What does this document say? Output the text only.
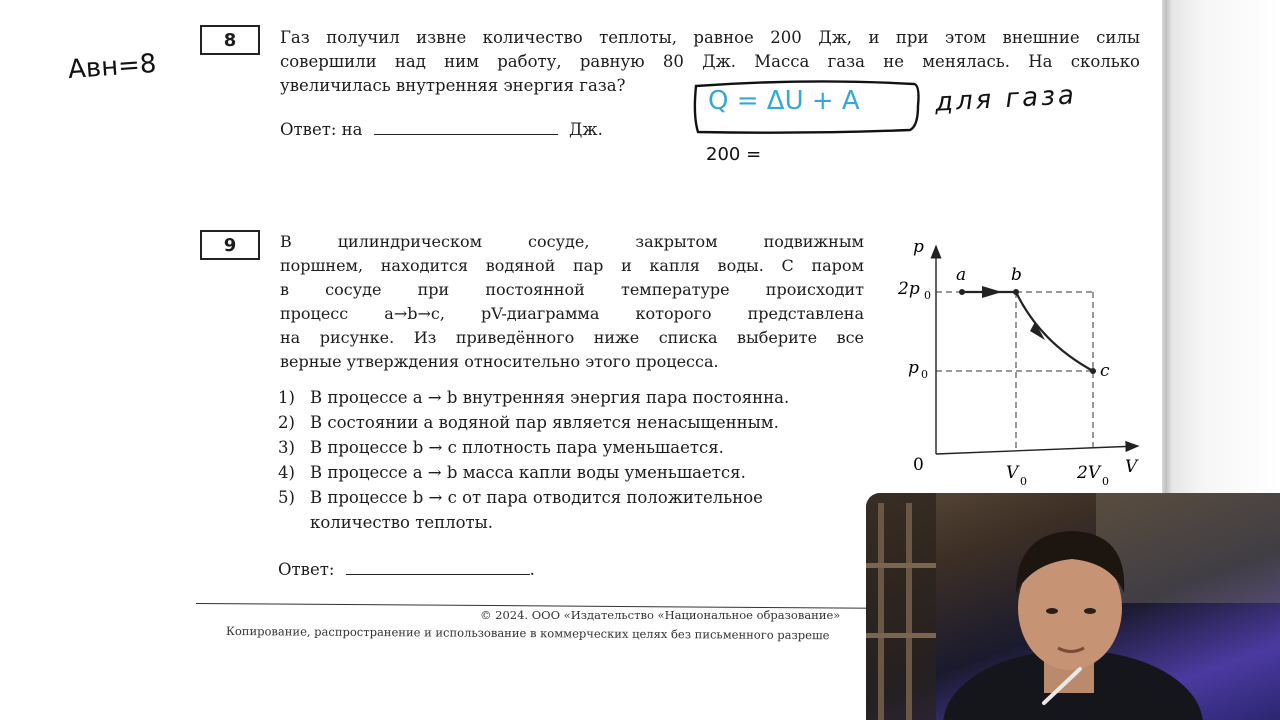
Aвн=8
8	Газ получил извне количество теплоты, равное 200 Дж, и при этом внешние силы
совершили над ним работу, равную 80 Дж. Масса газа не менялась. На сколько
увеличилась внутренняя энергия газа?

Ответ: на	Дж.
Q = ΔU + A	для газа
200 =
9	В цилиндрическом сосуде, закрытом подвижным
поршнем, находится водяной пар и капля воды. С паром
в сосуде при постоянной температуре происходит
процесс a→b→c, pV-диаграмма которого представлена
на рисунке. Из приведённого ниже списка выберите все
верные утверждения относительно этого процесса.

1) В процессе a → b внутренняя энергия пара постоянна.
2) В состоянии a водяной пар является ненасыщенным.
3) В процессе b → c плотность пара уменьшается.
4) В процессе a → b масса капли воды уменьшается.
5) В процессе b → c от пара отводится положительное
количество теплоты.
Ответ:	.
p
V
0
a	b
c
2p 0
p 0
V 0	2V 0
© 2024. ООО «Издательство «Национальное образование»
Копирование, распространение и использование в коммерческих целях без письменного разреше
